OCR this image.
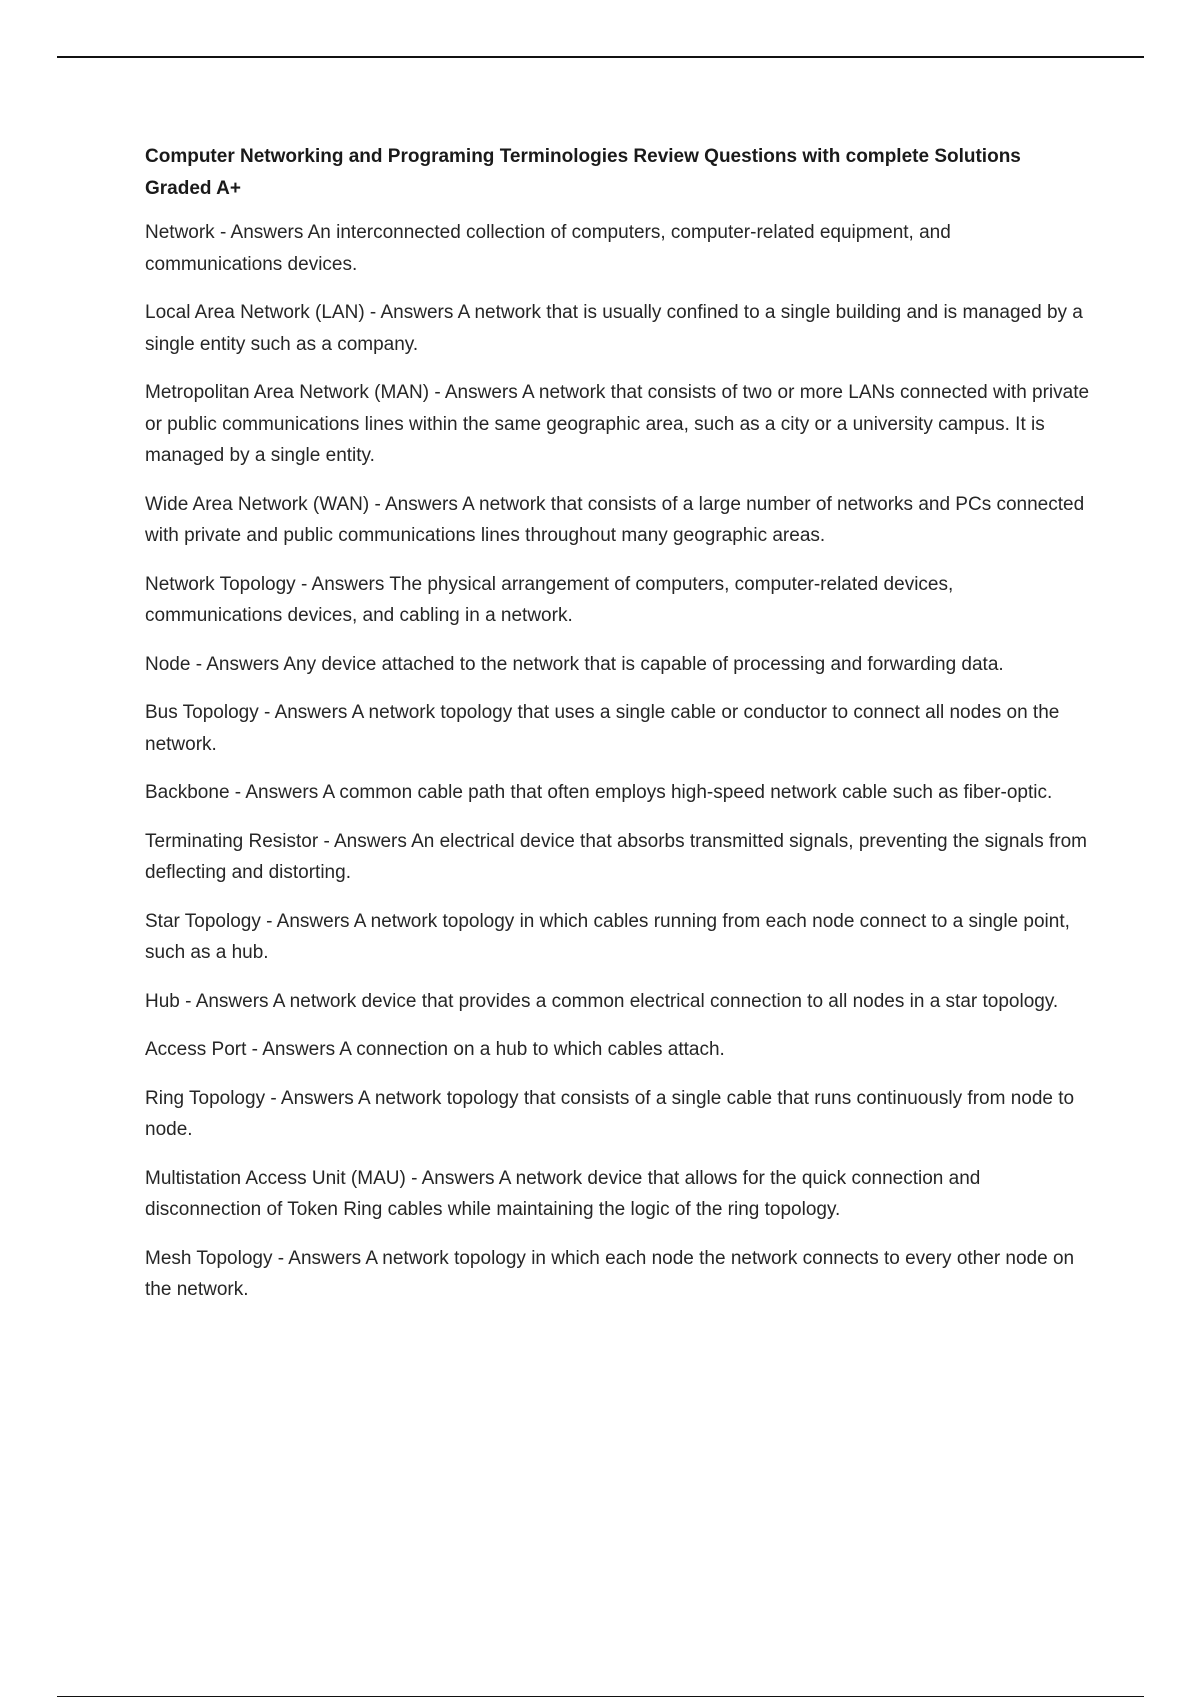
Computer Networking and Programing Terminologies Review Questions with complete Solutions Graded A+
Network - Answers An interconnected collection of computers, computer-related equipment, and communications devices.
Local Area Network (LAN) - Answers A network that is usually confined to a single building and is managed by a single entity such as a company.
Metropolitan Area Network (MAN) - Answers A network that consists of two or more LANs connected with private or public communications lines within the same geographic area, such as a city or a university campus. It is managed by a single entity.
Wide Area Network (WAN) - Answers A network that consists of a large number of networks and PCs connected with private and public communications lines throughout many geographic areas.
Network Topology - Answers The physical arrangement of computers, computer-related devices, communications devices, and cabling in a network.
Node - Answers Any device attached to the network that is capable of processing and forwarding data.
Bus Topology - Answers A network topology that uses a single cable or conductor to connect all nodes on the network.
Backbone - Answers A common cable path that often employs high-speed network cable such as fiber-optic.
Terminating Resistor - Answers An electrical device that absorbs transmitted signals, preventing the signals from deflecting and distorting.
Star Topology - Answers A network topology in which cables running from each node connect to a single point, such as a hub.
Hub - Answers A network device that provides a common electrical connection to all nodes in a star topology.
Access Port - Answers A connection on a hub to which cables attach.
Ring Topology - Answers A network topology that consists of a single cable that runs continuously from node to node.
Multistation Access Unit (MAU) - Answers A network device that allows for the quick connection and disconnection of Token Ring cables while maintaining the logic of the ring topology.
Mesh Topology - Answers A network topology in which each node the network connects to every other node on the network.
